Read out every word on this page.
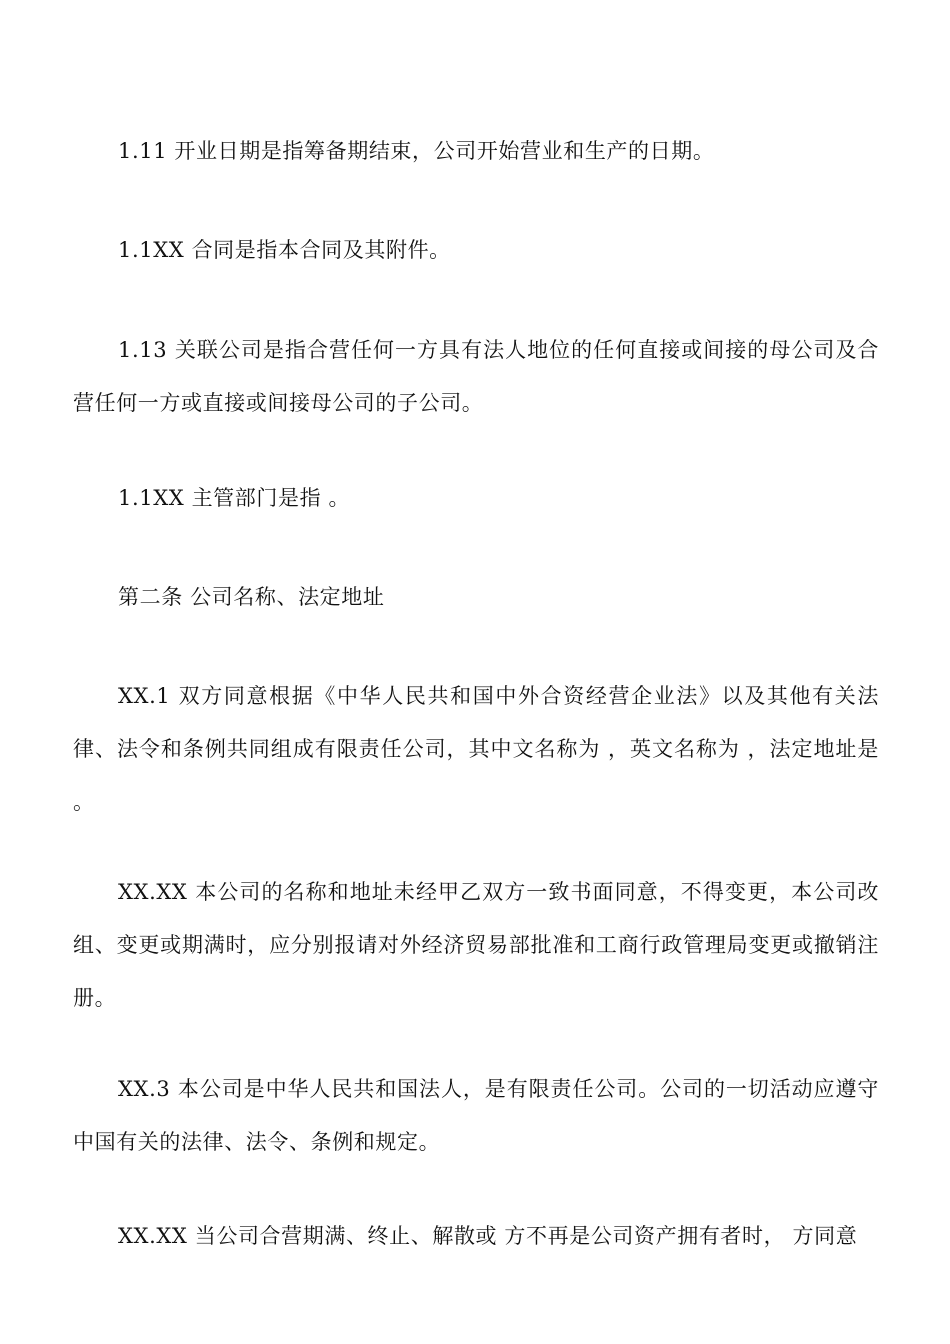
1.11 开业日期是指筹备期结束，公司开始营业和生产的日期。

1.1XX 合同是指本合同及其附件。

1.13 关联公司是指合营任何一方具有法人地位的任何直接或间接的母公司及合营任何一方或直接或间接母公司的子公司。

1.1XX 主管部门是指 。

第二条 公司名称、法定地址

XX.1 双方同意根据《中华人民共和国中外合资经营企业法》以及其他有关法律、法令和条例共同组成有限责任公司，其中文名称为 ，英文名称为 ，法定地址是 。

XX.XX 本公司的名称和地址未经甲乙双方一致书面同意，不得变更，本公司改组、变更或期满时，应分别报请对外经济贸易部批准和工商行政管理局变更或撤销注册。

XX.3 本公司是中华人民共和国法人，是有限责任公司。公司的一切活动应遵守中国有关的法律、法令、条例和规定。

XX.XX 当公司合营期满、终止、解散或 方不再是公司资产拥有者时， 方同意
